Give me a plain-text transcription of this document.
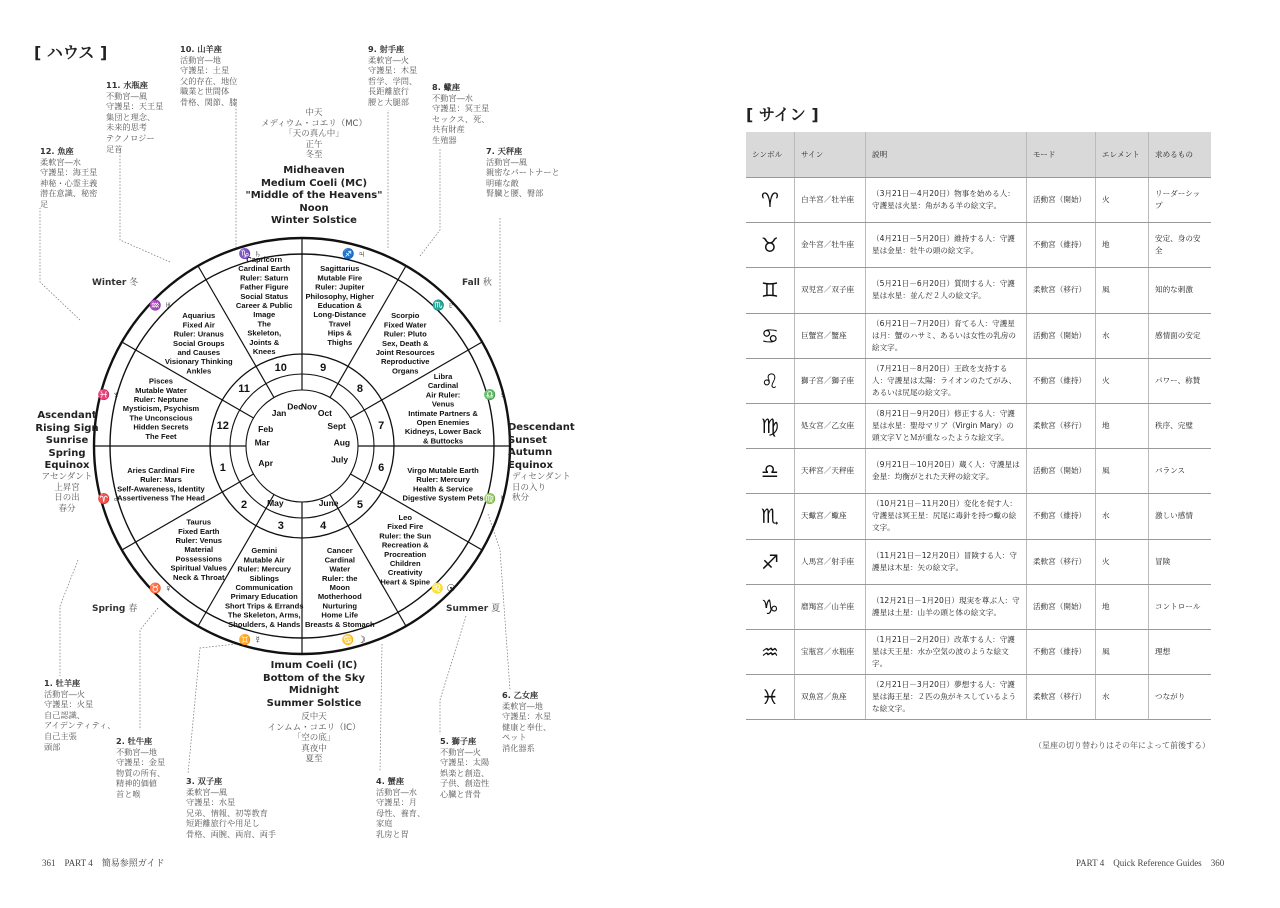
[ ハウス ]
1
Aries Cardinal Fire Ruler: Mars Self-Awareness, Identity Assertiveness The Head
2
Taurus Fixed Earth Ruler: Venus Material Possessions Spiritual Values Neck & Throat
3
Gemini Mutable Air Ruler: Mercury Siblings Communication Primary Education Short Trips & Errands The Skeleton, Arms, Shoulders, & Hands
4
Cancer Cardinal Water Ruler: the Moon Motherhood Nurturing Home Life Breasts & Stomach
5
Leo Fixed Fire Ruler: the Sun Recreation & Procreation Children Creativity Heart & Spine
6	Virgo Mutable Earth Ruler: Mercury Health & Service Digestive System Pets
7
Libra Cardinal Air Ruler: Venus Intimate Partners & Open Enemies Kidneys, Lower Back & Buttocks
8
Scorpio Fixed Water Ruler: Pluto Sex, Death & Joint Resources Reproductive Organs
9
Sagittarius Mutable Fire Ruler: Jupiter Philosophy, Higher Education & Long-Distance Travel Hips & Thighs
10
Capricorn Cardinal Earth Ruler: Saturn Father Figure Social Status Career & Public Image The Skeleton, Joints & Knees
11
Aquarius Fixed Air Ruler: Uranus Social Groups and Causes Visionary Thinking Ankles
12
Pisces Mutable Water Ruler: Neptune Mysticism, Psychism The Unconscious Hidden Secrets The Feet
Dec
Nov
Oct
Sept
Aug
July
June
May
Apr
Mar
Feb
Jan
♑ ♄	♐ ♃
♏ ♇
♎ ♀
♍ ☿
♌ ☉
♋ ☽
♊ ☿
♉ ♀
♈ ♂
♓ ♆
♒ ♅
中天
メディウム・コエリ（MC）
「天の真ん中」
正午
冬至
Midheaven
Medium Coeli (MC)
"Middle of the Heavens"
Noon
Winter Solstice
Imum Coeli (IC)
Bottom of the Sky
Midnight
Summer Solstice
反中天
インムム・コエリ（IC）
「空の底」
真夜中
夏至
Ascendant
Rising Sign
Sunrise
Spring
Equinox
アセンダント
上昇宮
日の出
春分
Descendant
Sunset
Autumn
Equinox
ディセンダント
日の入り
秋分
Winter 冬	Fall 秋
Spring 春	Summer 夏
10. 山羊座
活動宮―地
守護星：土星
父的存在、地位
職業と世間体
骨格、関節、膝
9. 射手座
柔軟宮―火
守護星：木星
哲学、学問、
長距離旅行
腰と大腿部
11. 水瓶座
不動宮―風
守護星：天王星
集団と理念、
未来的思考
テクノロジー
足首
8. 蠍座
不動宮―水
守護星：冥王星
セックス、死、
共有財産
生殖器
12. 魚座
柔軟宮―水
守護星：海王星
神秘・心霊主義
潜在意識、秘密
足
7. 天秤座
活動宮―風
親密なパートナーと
明確な敵
腎臓と腰、臀部
1. 牡羊座
活動宮―火
守護星：火星
自己認識、
アイデンティティ、
自己主張
頭部
6. 乙女座
柔軟宮―地
守護星：水星
健康と奉仕、
ペット
消化器系
2. 牡牛座
不動宮―地
守護星：金星
物質の所有、
精神的価値
首と喉
5. 獅子座
不動宮―火
守護星：太陽
娯楽と創造、
子供、創造性
心臓と背骨
3. 双子座
柔軟宮―風
守護星：水星
兄弟、情報、初等教育
短距離旅行や用足し
骨格、両腕、両肩、両手
4. 蟹座
活動宮―水
守護星：月
母性、養育、
家庭
乳房と胃
361　PART 4　簡易参照ガイド
[ サイン ]
シンボル	サイン	説明	モード	エレメント	求めるもの
♈	白羊宮／牡羊座	（3月21日－4月20日）物事を始める人：守護星は火星：角がある羊の絵文字。	活動宮（開始）	火	リーダーシップ
♉	金牛宮／牡牛座	（4月21日－5月20日）維持する人：守護星は金星：牡牛の頭の絵文字。	不動宮（維持）	地	安定、身の安全
♊	双児宮／双子座	（5月21日－6月20日）質問する人：守護星は水星：並んだ２人の絵文字。	柔軟宮（移行）	風	知的な刺激
♋	巨蟹宮／蟹座	（6月21日－7月20日）育てる人：守護星は月：蟹のハサミ、あるいは女性の乳房の絵文字。	活動宮（開始）	水	感情面の安定
♌	獅子宮／獅子座	（7月21日－8月20日）王政を支持する人：守護星は太陽：ライオンのたてがみ、あるいは尻尾の絵文字。	不動宮（維持）	火	パワー、称賛
♍	処女宮／乙女座	（8月21日－9月20日）修正する人：守護星は水星：聖母マリア（Virgin Mary）の頭文字ＶとＭが重なったような絵文字。	柔軟宮（移行）	地	秩序、完璧
♎	天秤宮／天秤座	（9月21日－10月20日）蔵く人：守護星は金星：均衡がとれた天秤の絵文字。	活動宮（開始）	風	バランス
♏	天蠍宮／蠍座	（10月21日－11月20日）変化を促す人：守護星は冥王星：尻尾に毒針を持つ蠍の絵文字。	不動宮（維持）	水	激しい感情
♐	人馬宮／射手座	（11月21日－12月20日）冒険する人：守護星は木星：矢の絵文字。	柔軟宮（移行）	火	冒険
♑	磨羯宮／山羊座	（12月21日－1月20日）現実を尊ぶ人：守護星は土星：山羊の頭と体の絵文字。	活動宮（開始）	地	コントロール
♒	宝瓶宮／水瓶座	（1月21日－2月20日）改革する人：守護星は天王星：水か空気の波のような絵文字。	不動宮（維持）	風	理想
♓	双魚宮／魚座	（2月21日－3月20日）夢想する人：守護星は海王星：２匹の魚がキスしているような絵文字。	柔軟宮（移行）	水	つながり
（星座の切り替わりはその年によって前後する）
PART 4　Quick Reference Guides　360
